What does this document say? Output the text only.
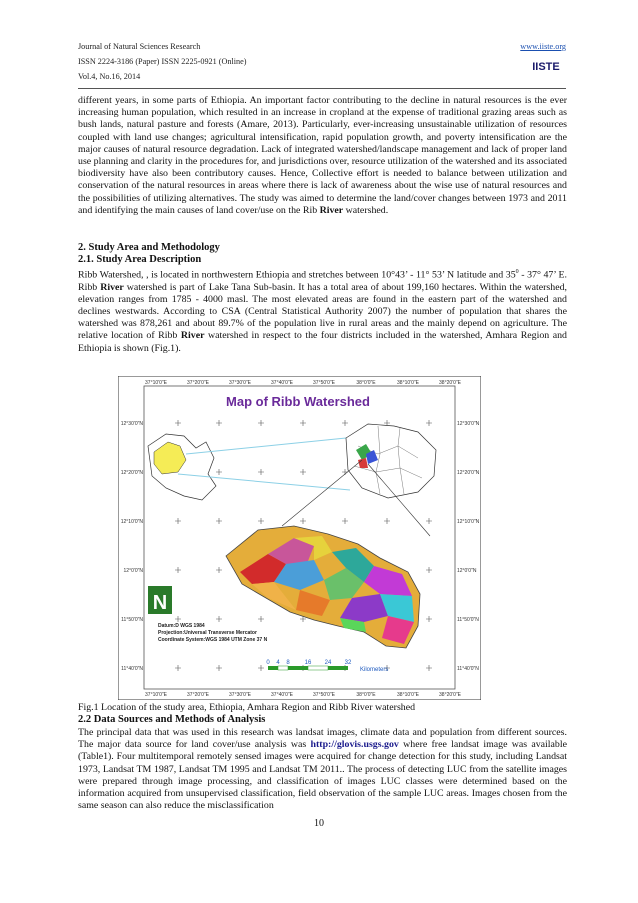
Journal of Natural Sciences Research
ISSN 2224-3186 (Paper) ISSN 2225-0921 (Online)
Vol.4, No.16, 2014
www.iiste.org
IISTE
different years, in some parts of Ethiopia. An important factor contributing to the decline in natural resources is the ever increasing human population, which resulted in an increase in cropland at the expense of traditional grazing areas such as bush lands, natural pasture and forests (Amare, 2013). Particularly, ever-increasing unsustainable utilization of resources coupled with land use changes; agricultural intensification, rapid population growth, and poverty intensification are the major causes of natural resource degradation. Lack of integrated watershed/landscape management and lack of proper land use planning and clarity in the procedures for, and jurisdictions over, resource utilization of the watershed and its associated biodiversity have also been contributory causes. Hence, Collective effort is needed to balance between utilization and conservation of the natural resources in areas where there is lack of awareness about the wise use of natural resources and the possibilities of utilizing alternatives. The study was aimed to determine the land/cover changes between 1973 and 2011 and identifying the main causes of land cover/use on the Rib River watershed.
2. Study Area and Methodology
2.1. Study Area Description
Ribb Watershed, , is located in northwestern Ethiopia and stretches between 10°43’ - 11° 53’ N latitude and $35^0 - 37^\circ$ 47’ E. Ribb River watershed is part of Lake Tana Sub-basin. It has a total area of about 199,160 hectares. Within the watershed, elevation ranges from 1785 - 4000 masl. The most elevated areas are found in the eastern part of the watershed and declines westwards. According to CSA (Central Statistical Authority 2007) the number of population that shares the watershed was 878,261 and about 89.7% of the population live in rural areas and the mainly depend on agriculture. The relative location of Ribb River watershed in respect to the four districts included in the watershed, Amhara Region and Ethiopia is shown (Fig.1).
37°10'0"E	37°20'0"E	37°30'0"E	37°40'0"E	37°50'0"E	38°0'0"E	38°10'0"E	38°20'0"E
37°10'0"E	37°20'0"E	37°30'0"E	37°40'0"E	37°50'0"E	38°0'0"E	38°10'0"E	38°20'0"E
12°30'0"N
12°20'0"N
12°10'0"N
12°0'0"N
11°50'0"N
11°40'0"N
12°30'0"N
12°20'0"N
12°10'0"N
12°0'0"N
11°50'0"N
11°40'0"N
Map of Ribb Watershed
N
Datum:D WGS 1984
Projection:Universal Transverse Mercator
Coordinate System:WGS 1984 UTM Zone 37 N
Kilometers
0 4 8 16 24 32
Fig.1 Location of the study area, Ethiopia, Amhara Region and Ribb River watershed
2.2 Data Sources and Methods of Analysis
The principal data that was used in this research was landsat images, climate data and population from different sources. The major data source for land cover/use analysis was http://glovis.usgs.gov where free landsat image was available (Table1). Four multitemporal remotely sensed images were acquired for change detection for this study, including Landsat 1973, Landsat TM 1987, Landsat TM 1995 and Landsat TM 2011.. The process of detecting LUC from the satellite images were prepared through image processing, and classification of images LUC classes were determined based on the information acquired from unsupervised classification, field observation of the sample LUC areas. Images chosen from the same season can also reduce the misclassification
10
